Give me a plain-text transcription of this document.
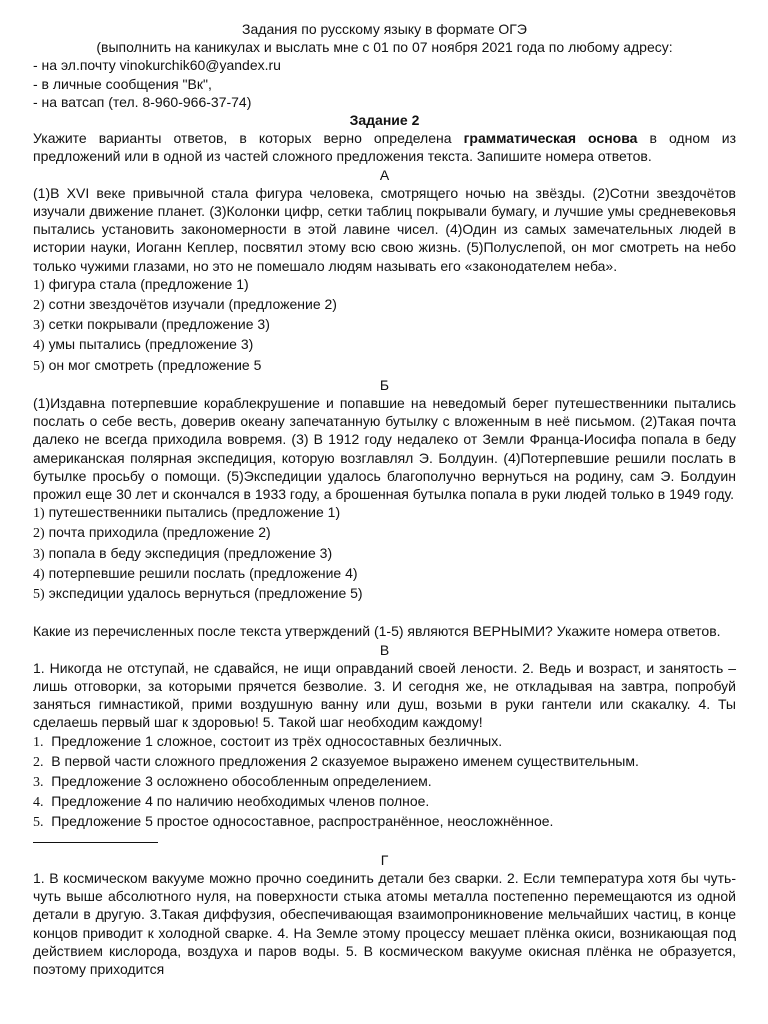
Задания по русскому языку в формате ОГЭ

(выполнить на каникулах и выслать мне с 01 по 07 ноября 2021 года по любому адресу:

- на эл.почту vinokurchik60@yandex.ru

- в личные сообщения "Вк",

- на ватсап (тел. 8-960-966-37-74)

Задание 2

Укажите варианты ответов, в которых верно определена грамматическая основа в одном из предложений или в одной из частей сложного предложения текста. Запишите номера ответов.

А

(1)В XVI веке привычной стала фигура человека, смотрящего ночью на звёзды. (2)Сотни звездочётов изучали движение планет. (3)Колонки цифр, сетки таблиц покрывали бумагу, и лучшие умы средневековья пытались установить закономерности в этой лавине чисел. (4)Один из самых замечательных людей в истории науки, Иоганн Кеплер, посвятил этому всю свою жизнь. (5)Полуслепой, он мог смотреть на небо только чужими глазами, но это не помешало людям называть его «законодателем неба».

1) фигура стала (предложение 1)

2) сотни звездочётов изучали (предложение 2)

3) сетки покрывали (предложение 3)

4) умы пытались (предложение 3)

5) он мог смотреть (предложение 5

Б

(1)Издавна потерпевшие кораблекрушение и попавшие на неведомый берег путешественники пытались послать о себе весть, доверив океану запечатанную бутылку с вложенным в неё письмом. (2)Такая почта далеко не всегда приходила вовремя. (3) В 1912 году недалеко от Земли Франца-Иосифа попала в беду американская полярная экспедиция, которую возглавлял Э. Болдуин. (4)Потерпевшие решили послать в бутылке просьбу о помощи. (5)Экспедиции удалось благополучно вернуться на родину, сам Э. Болдуин прожил еще 30 лет и скончался в 1933 году, а брошенная бутылка попала в руки людей только в 1949 году.

1) путешественники пытались (предложение 1)

2) почта приходила (предложение 2)

3) попала в беду экспедиция (предложение 3)

4) потерпевшие решили послать (предложение 4)

5) экспедиции удалось вернуться (предложение 5)

Какие из перечисленных после текста утверждений (1-5) являются ВЕРНЫМИ? Укажите номера ответов.

В

1. Никогда не отступай, не сдавайся, не ищи оправданий своей лености. 2. Ведь и возраст, и занятость – лишь отговорки, за которыми прячется безволие. 3. И сегодня же, не откладывая на завтра, попробуй заняться гимнастикой, прими воздушную ванну или душ, возьми в руки гантели или скакалку. 4. Ты сделаешь первый шаг к здоровью! 5. Такой шаг необходим каждому!

1. Предложение 1 сложное, состоит из трёх односоставных безличных.

2. В первой части сложного предложения 2 сказуемое выражено именем существительным.

3. Предложение 3 осложнено обособленным определением.

4. Предложение 4 по наличию необходимых членов полное.

5. Предложение 5 простое односоставное, распространённое, неосложнённое.

Г

1. В космическом вакууме можно прочно соединить детали без сварки. 2. Если температура хотя бы чуть-чуть выше абсолютного нуля, на поверхности стыка атомы металла постепенно перемещаются из одной детали в другую. 3.Такая диффузия, обеспечивающая взаимопроникновение мельчайших частиц, в конце концов приводит к холодной сварке. 4. На Земле этому процессу мешает плёнка окиси, возникающая под действием кислорода, воздуха и паров воды. 5. В космическом вакууме окисная плёнка не образуется, поэтому приходится
